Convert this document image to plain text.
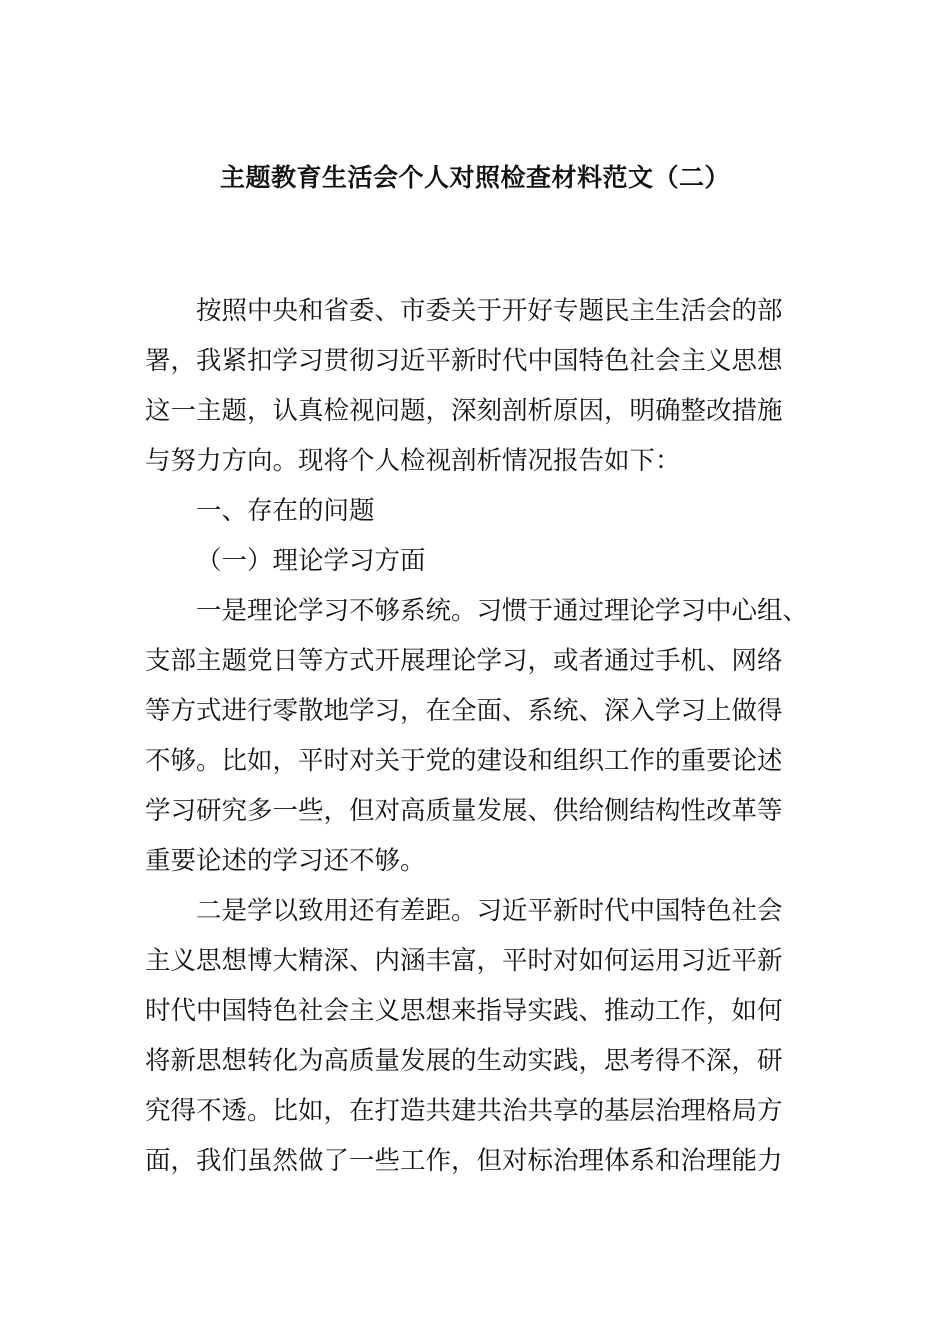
主题教育生活会个人对照检查材料范文（二）
按照中央和省委、市委关于开好专题民主生活会的部
署，我紧扣学习贯彻习近平新时代中国特色社会主义思想
这一主题，认真检视问题，深刻剖析原因，明确整改措施
与努力方向。现将个人检视剖析情况报告如下：
一、存在的问题
（一）理论学习方面
一是理论学习不够系统。习惯于通过理论学习中心组、
支部主题党日等方式开展理论学习，或者通过手机、网络
等方式进行零散地学习，在全面、系统、深入学习上做得
不够。比如，平时对关于党的建设和组织工作的重要论述
学习研究多一些，但对高质量发展、供给侧结构性改革等
重要论述的学习还不够。
二是学以致用还有差距。习近平新时代中国特色社会
主义思想博大精深、内涵丰富，平时对如何运用习近平新
时代中国特色社会主义思想来指导实践、推动工作，如何
将新思想转化为高质量发展的生动实践，思考得不深，研
究得不透。比如，在打造共建共治共享的基层治理格局方
面，我们虽然做了一些工作，但对标治理体系和治理能力
